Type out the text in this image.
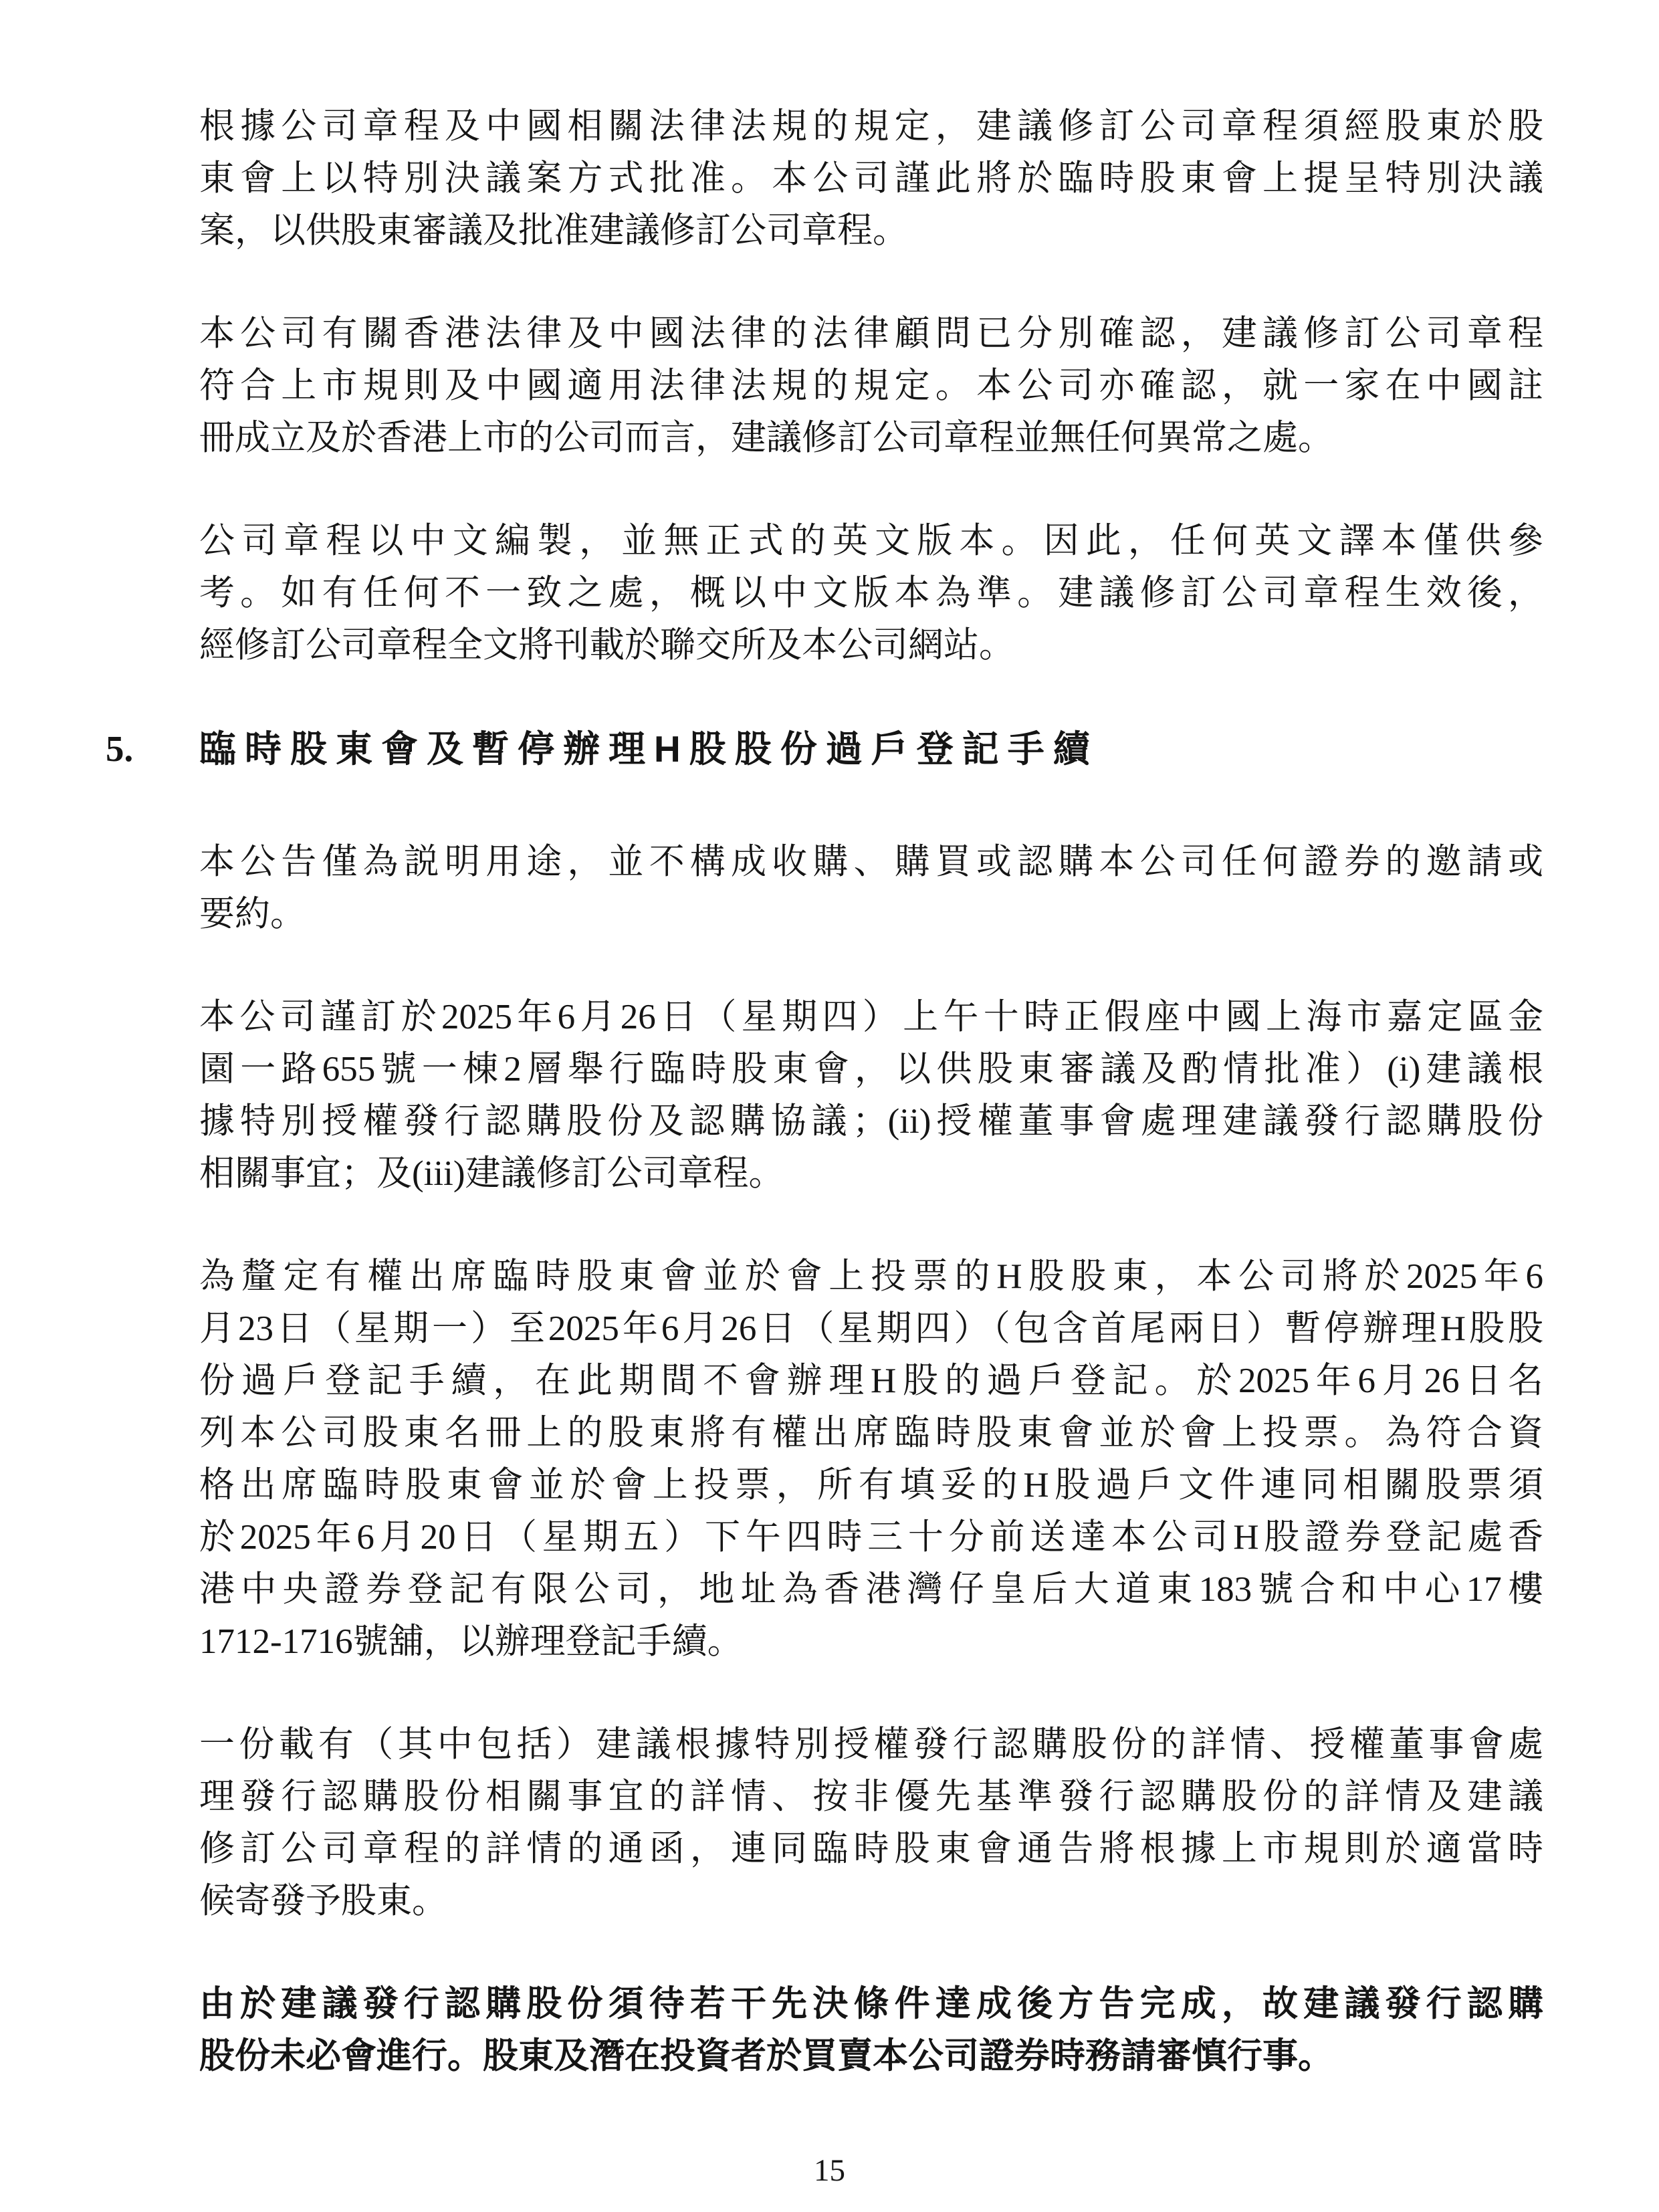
根據公司章程及中國相關法律法規的規定，建議修訂公司章程須經股東於股
東會上以特別決議案方式批准。本公司謹此將於臨時股東會上提呈特別決議
案，以供股東審議及批准建議修訂公司章程。
本公司有關香港法律及中國法律的法律顧問已分別確認，建議修訂公司章程
符合上市規則及中國適用法律法規的規定。本公司亦確認，就一家在中國註
冊成立及於香港上市的公司而言，建議修訂公司章程並無任何異常之處。
公司章程以中文編製，並無正式的英文版本。因此，任何英文譯本僅供參
考。如有任何不一致之處，概以中文版本為準。建議修訂公司章程生效後，
經修訂公司章程全文將刊載於聯交所及本公司網站。
5. 臨時股東會及暫停辦理H股股份過戶登記手續
本公告僅為説明用途，並不構成收購、購買或認購本公司任何證券的邀請或
要約。
本公司謹訂於2025年6月26日（星期四）上午十時正假座中國上海市嘉定區金
園一路655號一棟2層舉行臨時股東會，以供股東審議及酌情批准）(i)建議根
據特別授權發行認購股份及認購協議；(ii)授權董事會處理建議發行認購股份
相關事宜；及(iii)建議修訂公司章程。
為釐定有權出席臨時股東會並於會上投票的H股股東，本公司將於2025年6
月23日（星期一）至2025年6月26日（星期四）（包含首尾兩日）暫停辦理H股股
份過戶登記手續，在此期間不會辦理H股的過戶登記。於2025年6月26日名
列本公司股東名冊上的股東將有權出席臨時股東會並於會上投票。為符合資
格出席臨時股東會並於會上投票，所有填妥的H股過戶文件連同相關股票須
於2025年6月20日（星期五）下午四時三十分前送達本公司H股證券登記處香
港中央證券登記有限公司，地址為香港灣仔皇后大道東183號合和中心17樓
1712-1716號舖，以辦理登記手續。
一份載有（其中包括）建議根據特別授權發行認購股份的詳情、授權董事會處
理發行認購股份相關事宜的詳情、按非優先基準發行認購股份的詳情及建議
修訂公司章程的詳情的通函，連同臨時股東會通告將根據上市規則於適當時
候寄發予股東。
由於建議發行認購股份須待若干先決條件達成後方告完成，故建議發行認購
股份未必會進行。股東及潛在投資者於買賣本公司證券時務請審慎行事。
15
